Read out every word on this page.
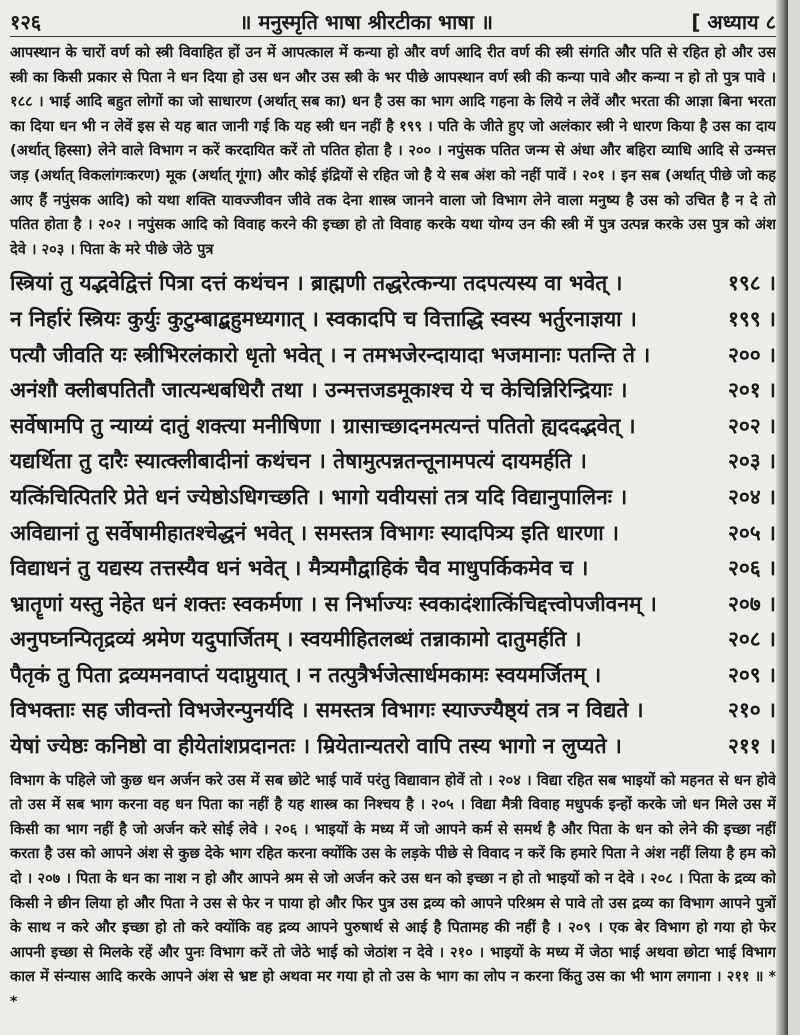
१२६	॥ मनुस्मृति भाषा श्रीरटीका भाषा ॥	[ अध्याय ८

आपस्थान के चारों वर्ण को स्त्री विवाहित हों उन में आपत्काल में कन्या हो और वर्ण आदि रीत वर्ण की स्त्री संगति और पति से रहित हो और उस स्त्री का किसी प्रकार से पिता ने धन दिया हो उस धन और उस स्त्री के भर पीछे आपस्थान वर्ण स्त्री की कन्या पावे और कन्या न हो तो पुत्र पावे । १८८ । भाई आदि बहुत लोगों का जो साधारण (अर्थात् सब का) धन है उस का भाग आदि गहना के लिये न लेवें और भरता की आज्ञा बिना भरता का दिया धन भी न लेवें इस से यह बात जानी गई कि यह स्त्री धन नहीं है १९९ । पति के जीते हुए जो अलंकार स्त्री ने धारण किया है उस का दाय (अर्थात् हिस्सा) लेने वाले विभाग न करें करदायित करें तो पतित होता है । २०० । नपुंसक पतित जन्म से अंधा और बहिरा व्याधि आदि से उन्मत्त जड़ (अर्थात् विकलांगःकरण) मूक (अर्थात् गूंगा) और कोई इंद्रियों से रहित जो है ये सब अंश को नहीं पावें । २०१ । इन सब (अर्थात् पीछे जो कह आए हैं नपुंसक आदि) को यथा शक्ति यावज्जीवन जीवे तक देना शास्त्र जानने वाला जो विभाग लेने वाला मनुष्य है उस को उचित है न दे तो पतित होता है । २०२ । नपुंसक आदि को विवाह करने की इच्छा हो तो विवाह करके यथा योग्य उन की स्त्री में पुत्र उत्पन्न करके उस पुत्र को अंश देवे । २०३ । पिता के मरे पीछे जेठे पुत्र

स्त्रियां तु यद्भवेद्वित्तं पित्रा दत्तं कथंचन । ब्राह्मणी तद्धरेत्कन्या तदपत्यस्य वा भवेत् ।	१९८ ।
न निर्हारं स्त्रियः कुर्युः कुटुम्बाद्बहुमध्यगात् । स्वकादपि च वित्ताद्धि स्वस्य भर्तुरनाज्ञया ।	१९९ ।
पत्यौ जीवति यः स्त्रीभिरलंकारो धृतो भवेत् । न तमभजेरन्दायादा भजमानाः पतन्ति ते ।	२०० ।
अनंशौ क्लीबपतितौ जात्यन्धबधिरौ तथा । उन्मत्तजडमूकाश्च ये च केचिन्निरिन्द्रियाः ।	२०१ ।
सर्वेषामपि तु न्याय्यं दातुं शक्त्या मनीषिणा । ग्रासाच्छादनमत्यन्तं पतितो ह्यददद्भवेत् ।	२०२ ।
यद्यर्थिता तु दारैः स्यात्क्लीबादीनां कथंचन । तेषामुत्पन्नतन्तूनामपत्यं दायमर्हति ।	२०३ ।
यत्किंचित्पितरि प्रेते धनं ज्येष्ठोऽधिगच्छति । भागो यवीयसां तत्र यदि विद्यानुपालिनः ।	२०४ ।
अविद्यानां तु सर्वेषामीहातश्चेद्धनं भवेत् । समस्तत्र विभागः स्यादपित्र्य इति धारणा ।	२०५ ।
विद्याधनं तु यद्यस्य तत्तस्यैव धनं भवेत् । मैत्र्यमौद्वाहिकं चैव माधुपर्किकमेव च ।	२०६ ।
भ्रातॄणां यस्तु नेहेत धनं शक्तः स्वकर्मणा । स निर्भाज्यः स्वकादंशात्किंचिद्दत्त्वोपजीवनम् ।	२०७ ।
अनुपघ्नन्पितृद्रव्यं श्रमेण यदुपार्जितम् । स्वयमीहितलब्धं तन्नाकामो दातुमर्हति ।	२०८ ।
पैतृकं तु पिता द्रव्यमनवाप्तं यदाप्नुयात् । न तत्पुत्रैर्भजेत्सार्धमकामः स्वयमर्जितम् ।	२०९ ।
विभक्ताः सह जीवन्तो विभजेरन्पुनर्यदि । समस्तत्र विभागः स्याज्ज्यैष्ठ्यं तत्र न विद्यते ।	२१० ।
येषां ज्येष्ठः कनिष्ठो वा हीयेतांशप्रदानतः । म्रियेतान्यतरो वापि तस्य भागो न लुप्यते ।	२११ ।

विभाग के पहिले जो कुछ धन अर्जन करे उस में सब छोटे भाई पावें परंतु विद्यावान होवें तो । २०४ । विद्या रहित सब भाइयों को महनत से धन होवे तो उस में सब भाग करना वह धन पिता का नहीं है यह शास्त्र का निश्चय है । २०५ । विद्या मैत्री विवाह मधुपर्क इन्हों करके जो धन मिले उस में किसी का भाग नहीं है जो अर्जन करे सोई लेवे । २०६ । भाइयों के मध्य में जो आपने कर्म से समर्थ है और पिता के धन को लेने की इच्छा नहीं करता है उस को आपने अंश से कुछ देके भाग रहित करना क्योंकि उस के लड़के पीछे से विवाद न करें कि हमारे पिता ने अंश नहीं लिया है हम को दो । २०७ । पिता के धन का नाश न हो और आपने श्रम से जो अर्जन करे उस धन को इच्छा न हो तो भाइयों को न देवे । २०८ । पिता के द्रव्य को किसी ने छीन लिया हो और पिता ने उस से फेर न पाया हो और फिर पुत्र उस द्रव्य को आपने परिश्रम से पावे तो उस द्रव्य का विभाग आपने पुत्रों के साथ न करे और इच्छा हो तो करे क्योंकि वह द्रव्य आपने पुरुषार्थ से आई है पितामह की नहीं है । २०९ । एक बेर विभाग हो गया हो फेर आपनी इच्छा से मिलके रहें और पुनः विभाग करें तो जेठे भाई को जेठांश न देवे । २१० । भाइयों के मध्य में जेठा भाई अथवा छोटा भाई विभाग काल में संन्यास आदि करके आपने अंश से भ्रष्ट हो अथवा मर गया हो तो उस के भाग का लोप न करना किंतु उस का भी भाग लगाना । २११ ॥ * *
